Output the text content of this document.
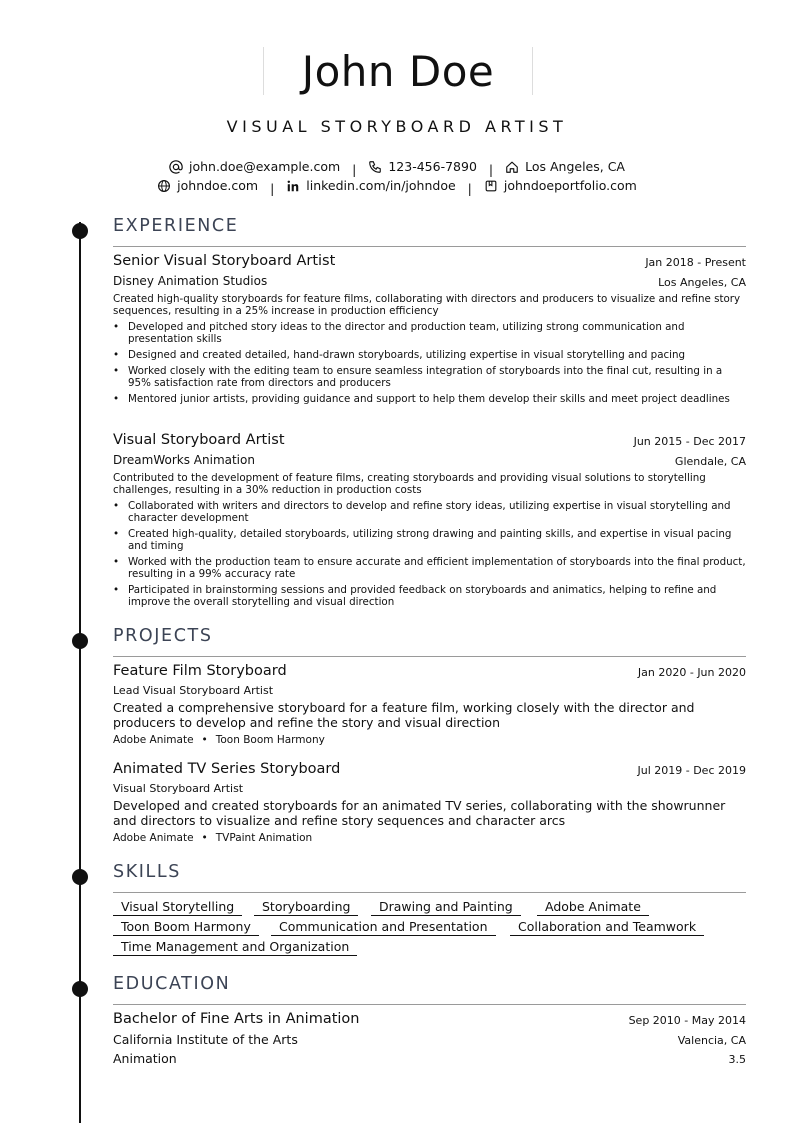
John Doe
VISUAL STORYBOARD ARTIST
john.doe@example.com |	123-456-7890 |	Los Angeles, CA
johndoe.com |	linkedin.com/in/johndoe |	johndoeportfolio.com
EXPERIENCE
Senior Visual Storyboard Artist	Jan 2018 - Present
Disney Animation Studios	Los Angeles, CA
Created high-quality storyboards for feature films, collaborating with directors and producers to visualize and refine story sequences, resulting in a 25% increase in production efficiency
• Developed and pitched story ideas to the director and production team, utilizing strong communication and presentation skills
• Designed and created detailed, hand-drawn storyboards, utilizing expertise in visual storytelling and pacing
• Worked closely with the editing team to ensure seamless integration of storyboards into the final cut, resulting in a 95% satisfaction rate from directors and producers
• Mentored junior artists, providing guidance and support to help them develop their skills and meet project deadlines
Visual Storyboard Artist	Jun 2015 - Dec 2017
DreamWorks Animation	Glendale, CA
Contributed to the development of feature films, creating storyboards and providing visual solutions to storytelling challenges, resulting in a 30% reduction in production costs
• Collaborated with writers and directors to develop and refine story ideas, utilizing expertise in visual storytelling and character development
• Created high-quality, detailed storyboards, utilizing strong drawing and painting skills, and expertise in visual pacing and timing
• Worked with the production team to ensure accurate and efficient implementation of storyboards into the final product, resulting in a 99% accuracy rate
• Participated in brainstorming sessions and provided feedback on storyboards and animatics, helping to refine and improve the overall storytelling and visual direction
PROJECTS
Feature Film Storyboard	Jan 2020 - Jun 2020
Lead Visual Storyboard Artist
Created a comprehensive storyboard for a feature film, working closely with the director and producers to develop and refine the story and visual direction
Adobe Animate • Toon Boom Harmony
Animated TV Series Storyboard	Jul 2019 - Dec 2019
Visual Storyboard Artist
Developed and created storyboards for an animated TV series, collaborating with the showrunner and directors to visualize and refine story sequences and character arcs
Adobe Animate • TVPaint Animation
SKILLS
Visual Storytelling	Storyboarding	Drawing and Painting	Adobe Animate
Toon Boom Harmony	Communication and Presentation	Collaboration and Teamwork
Time Management and Organization
EDUCATION
Bachelor of Fine Arts in Animation	Sep 2010 - May 2014
California Institute of the Arts	Valencia, CA
Animation	3.5
